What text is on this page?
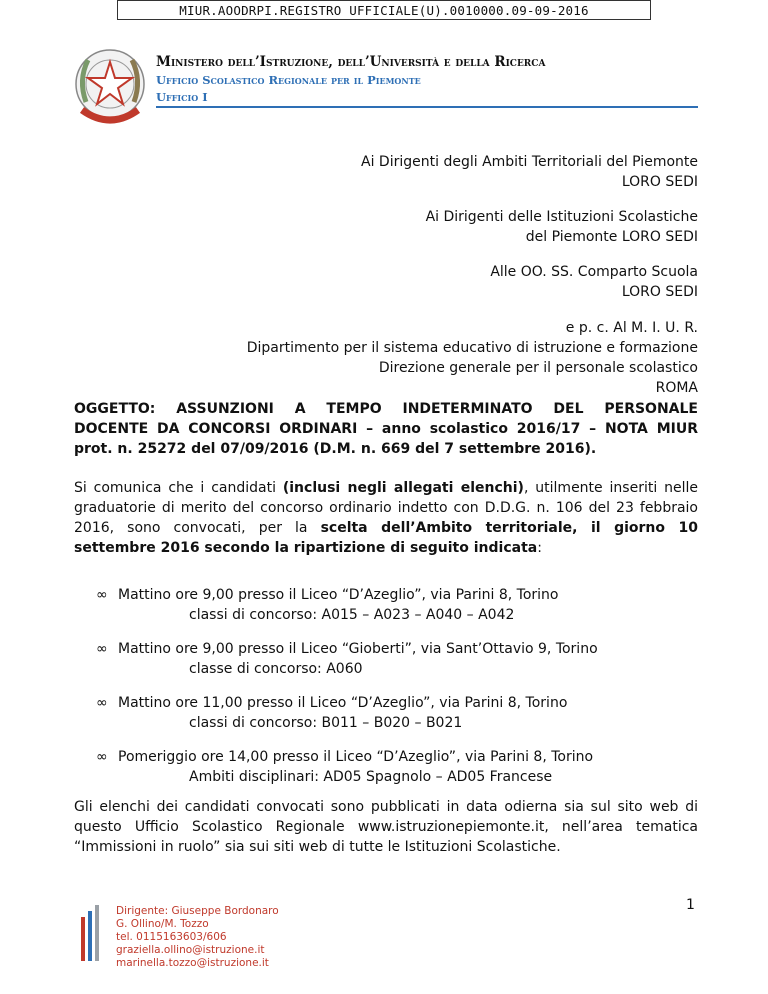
MIUR.AOODRPI.REGISTRO UFFICIALE(U).0010000.09-09-2016
Ministero dell’Istruzione, dell’Università e della Ricerca
Ufficio Scolastico Regionale per il Piemonte
Ufficio I
Ai Dirigenti degli Ambiti Territoriali del Piemonte
LORO SEDI
Ai Dirigenti delle Istituzioni Scolastiche
del Piemonte LORO SEDI
Alle OO. SS. Comparto Scuola
LORO SEDI
e p. c. Al M. I. U. R.
Dipartimento per il sistema educativo di istruzione e formazione
Direzione generale per il personale scolastico
ROMA
OGGETTO: ASSUNZIONI A TEMPO INDETERMINATO DEL PERSONALE
DOCENTE DA CONCORSI ORDINARI – anno scolastico 2016/17 – NOTA MIUR
prot. n. 25272 del 07/09/2016 (D.M. n. 669 del 7 settembre 2016).
Si comunica che i candidati (inclusi negli allegati elenchi), utilmente inseriti nelle
graduatorie di merito del concorso ordinario indetto con D.D.G. n. 106 del 23 febbraio
2016, sono convocati, per la scelta dell’Ambito territoriale, il giorno 10
settembre 2016 secondo la ripartizione di seguito indicata:
∞ Mattino ore 9,00 presso il Liceo “D’Azeglio”, via Parini 8, Torino
classi di concorso: A015 – A023 – A040 – A042
∞ Mattino ore 9,00 presso il Liceo “Gioberti”, via Sant’Ottavio 9, Torino
classe di concorso: A060
∞ Mattino ore 11,00 presso il Liceo “D’Azeglio”, via Parini 8, Torino
classi di concorso: B011 – B020 – B021
∞ Pomeriggio ore 14,00 presso il Liceo “D’Azeglio”, via Parini 8, Torino
Ambiti disciplinari: AD05 Spagnolo – AD05 Francese
Gli elenchi dei candidati convocati sono pubblicati in data odierna sia sul sito web di
questo Ufficio Scolastico Regionale www.istruzionepiemonte.it, nell’area tematica
“Immissioni in ruolo” sia sui siti web di tutte le Istituzioni Scolastiche.
Dirigente: Giuseppe Bordonaro
G. Ollino/M. Tozzo
tel. 0115163603/606
graziella.ollino@istruzione.it
marinella.tozzo@istruzione.it
1
